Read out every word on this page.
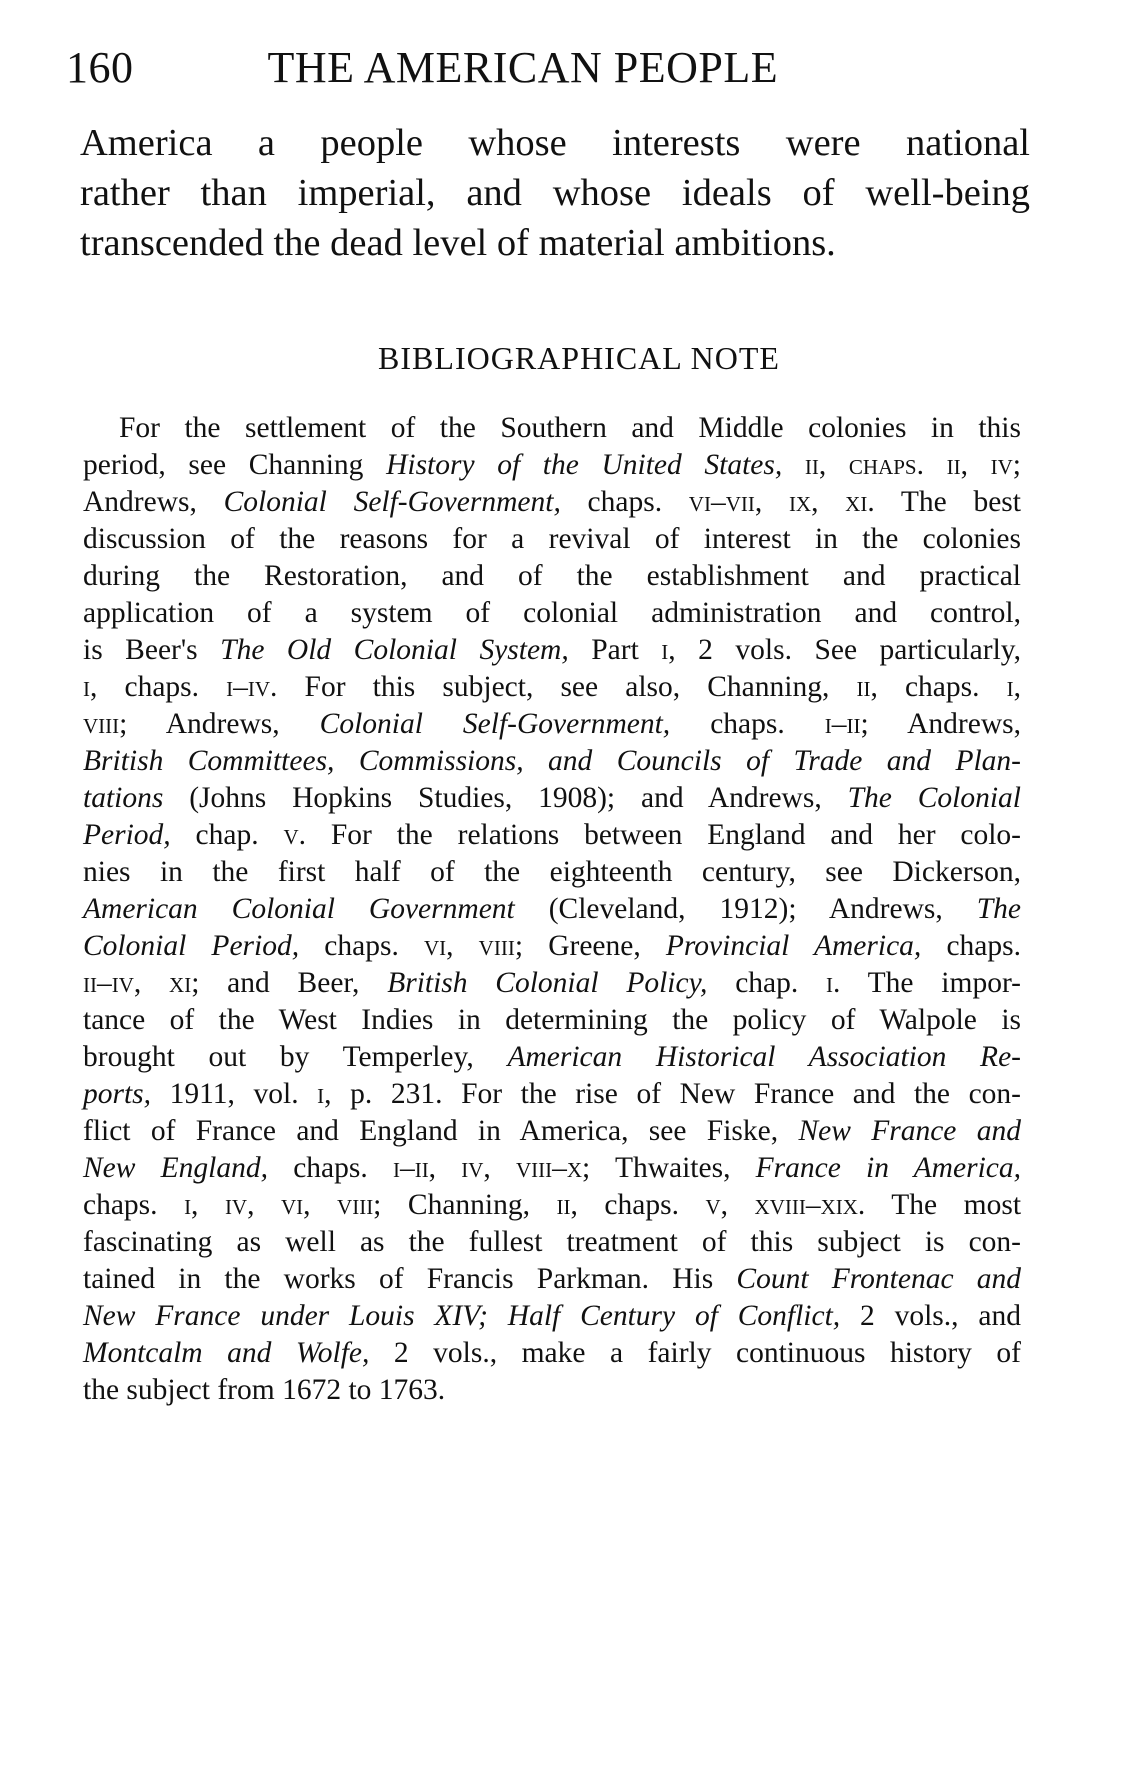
160	THE AMERICAN PEOPLE
America a people whose interests were national
rather than imperial, and whose ideals of well-being
transcended the dead level of material ambitions.
BIBLIOGRAPHICAL NOTE
For the settlement of the Southern and Middle colonies in this
period, see Channing History of the United States, ii, chaps. ii, iv;
Andrews, Colonial Self-Government, chaps. vi–vii, ix, xi. The best
discussion of the reasons for a revival of interest in the colonies
during the Restoration, and of the establishment and practical
application of a system of colonial administration and control,
is Beer's The Old Colonial System, Part i, 2 vols. See particularly,
i, chaps. i–iv. For this subject, see also, Channing, ii, chaps. i,
viii; Andrews, Colonial Self-Government, chaps. i–ii; Andrews,
British Committees, Commissions, and Councils of Trade and Plan-
tations (Johns Hopkins Studies, 1908); and Andrews, The Colonial
Period, chap. v. For the relations between England and her colo-
nies in the first half of the eighteenth century, see Dickerson,
American Colonial Government (Cleveland, 1912); Andrews, The
Colonial Period, chaps. vi, viii; Greene, Provincial America, chaps.
ii–iv, xi; and Beer, British Colonial Policy, chap. i. The impor-
tance of the West Indies in determining the policy of Walpole is
brought out by Temperley, American Historical Association Re-
ports, 1911, vol. i, p. 231. For the rise of New France and the con-
flict of France and England in America, see Fiske, New France and
New England, chaps. i–ii, iv, viii–x; Thwaites, France in America,
chaps. i, iv, vi, viii; Channing, ii, chaps. v, xviii–xix. The most
fascinating as well as the fullest treatment of this subject is con-
tained in the works of Francis Parkman. His Count Frontenac and
New France under Louis XIV; Half Century of Conflict, 2 vols., and
Montcalm and Wolfe, 2 vols., make a fairly continuous history of
the subject from 1672 to 1763.
